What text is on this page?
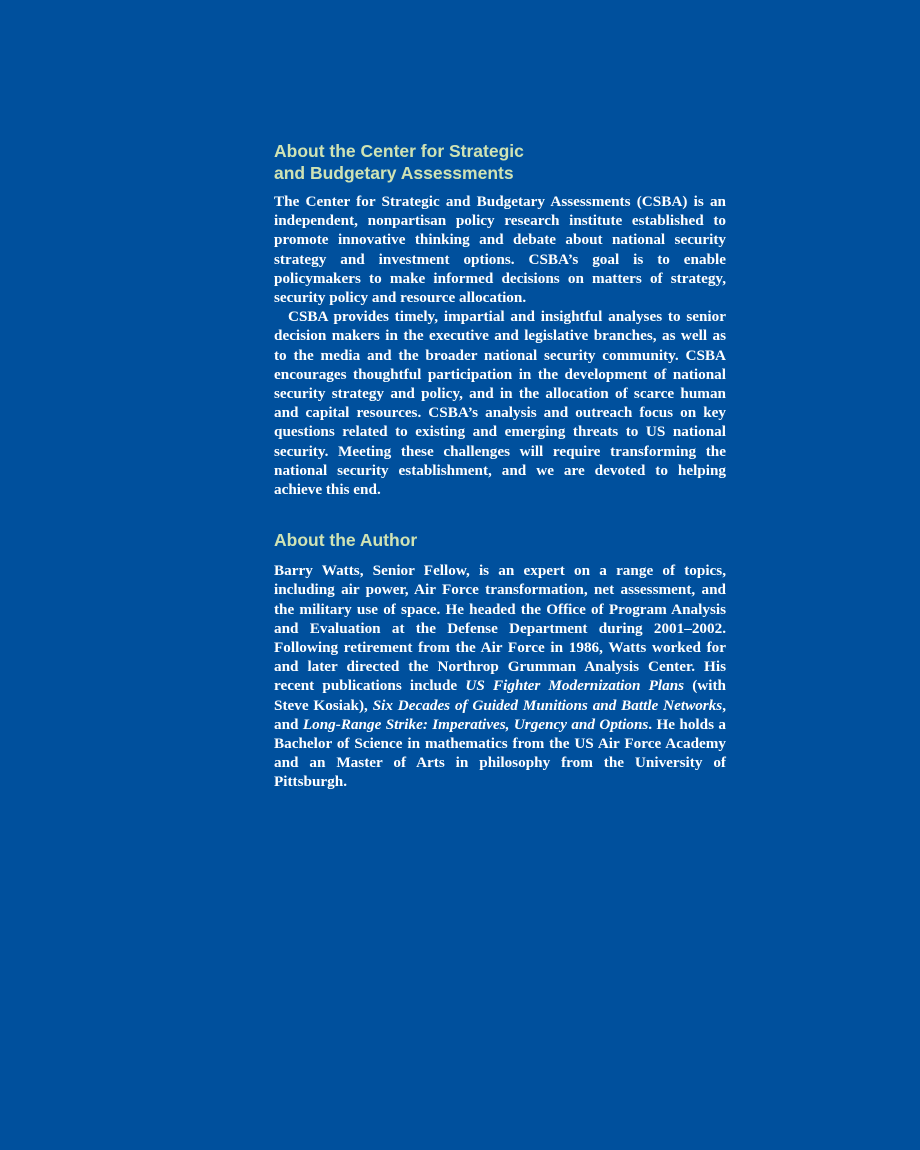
About the Center for Strategic
and Budgetary Assessments

The Center for Strategic and Budgetary Assessments (CSBA) is an independent, nonpartisan policy research institute established to promote innovative thinking and debate about national security strategy and investment options. CSBA’s goal is to enable policymakers to make informed decisions on matters of strategy, security policy and resource allocation.

CSBA provides timely, impartial and insightful analyses to senior decision makers in the executive and legislative branches, as well as to the media and the broader national security community. CSBA encourages thoughtful participation in the development of national security strategy and policy, and in the allocation of scarce human and capital resources. CSBA’s analysis and outreach focus on key questions related to existing and emerging threats to US national security. Meeting these challenges will require transforming the national security establishment, and we are devoted to helping achieve this end.

About the Author

Barry Watts, Senior Fellow, is an expert on a range of topics, including air power, Air Force transformation, net assessment, and the military use of space. He headed the Office of Program Analysis and Evaluation at the Defense Department during 2001–2002. Following retirement from the Air Force in 1986, Watts worked for and later directed the Northrop Grumman Analysis Center. His recent publications include US Fighter Modernization Plans (with Steve Kosiak), Six Decades of Guided Munitions and Battle Networks, and Long-Range Strike: Imperatives, Urgency and Options. He holds a Bachelor of Science in mathematics from the US Air Force Academy and an Master of Arts in philosophy from the University of Pittsburgh.
